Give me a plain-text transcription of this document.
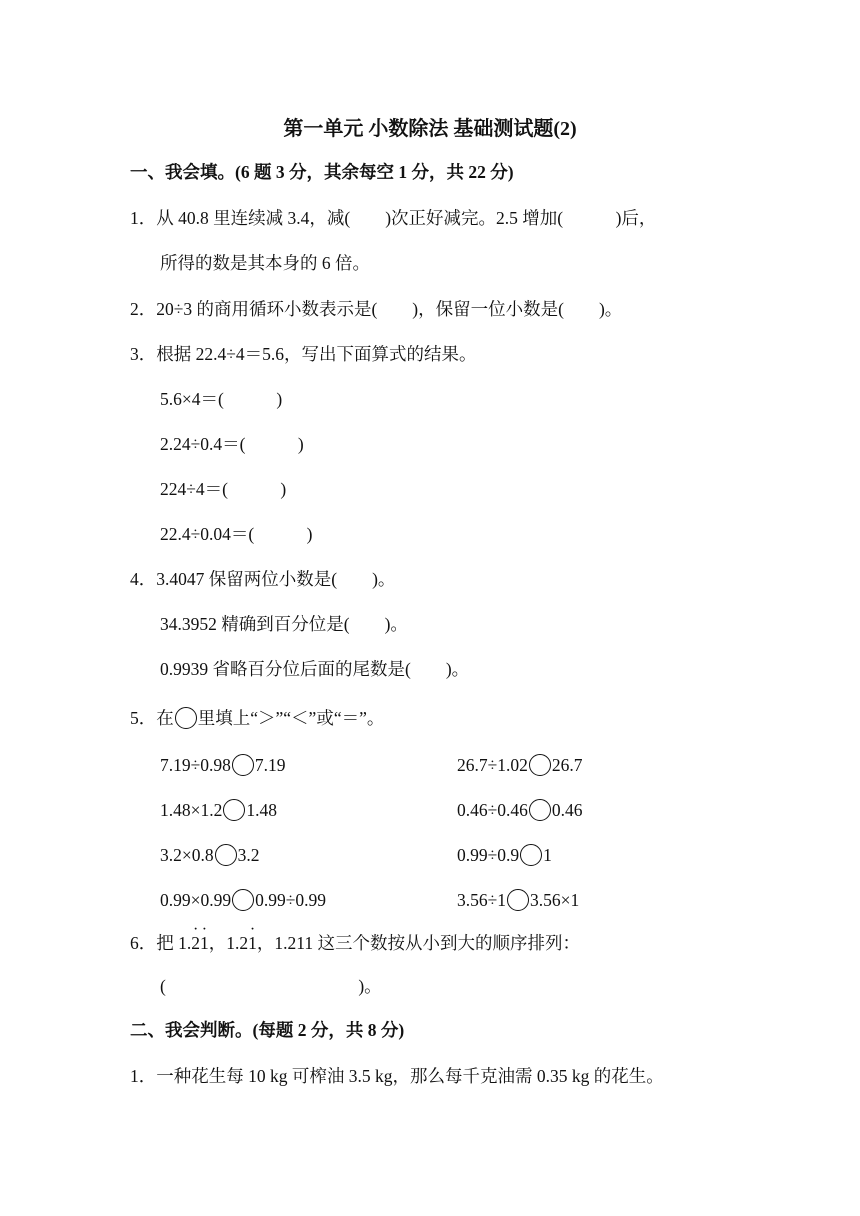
第一单元 小数除法 基础测试题(2)
一、我会填。(6 题 3 分，其余每空 1 分，共 22 分)
1．从 40.8 里连续减 3.4，减(　　)次正好减完。2.5 增加(　　　)后，
所得的数是其本身的 6 倍。
2．20÷3 的商用循环小数表示是(　　)，保留一位小数是(　　)。
3．根据 22.4÷4＝5.6，写出下面算式的结果。
5.6×4＝(　　　)
2.24÷0.4＝(　　　)
224÷4＝(　　　)
22.4÷0.04＝(　　　)
4．3.4047 保留两位小数是(　　)。
34.3952 精确到百分位是(　　)。
0.9939 省略百分位后面的尾数是(　　)。
5．在 里填上“＞”“＜”或“＝”。
7.19÷0.98 7.19	26.7÷1.02 26.7
1.48×1.2 1.48	0.46÷0.46 0.46
3.2×0.8 3.2	0.99÷0.9 1
0.99×0.99 0.99÷0.99	3.56÷1 3.56×1
6．把 1.2 ·1 ·，1.21 ·，1.211 这三个数按从小到大的顺序排列：
(　　　　　　　　　　　)。
二、我会判断。(每题 2 分，共 8 分)
1．一种花生每 10 kg 可榨油 3.5 kg，那么每千克油需 0.35 kg 的花生。
